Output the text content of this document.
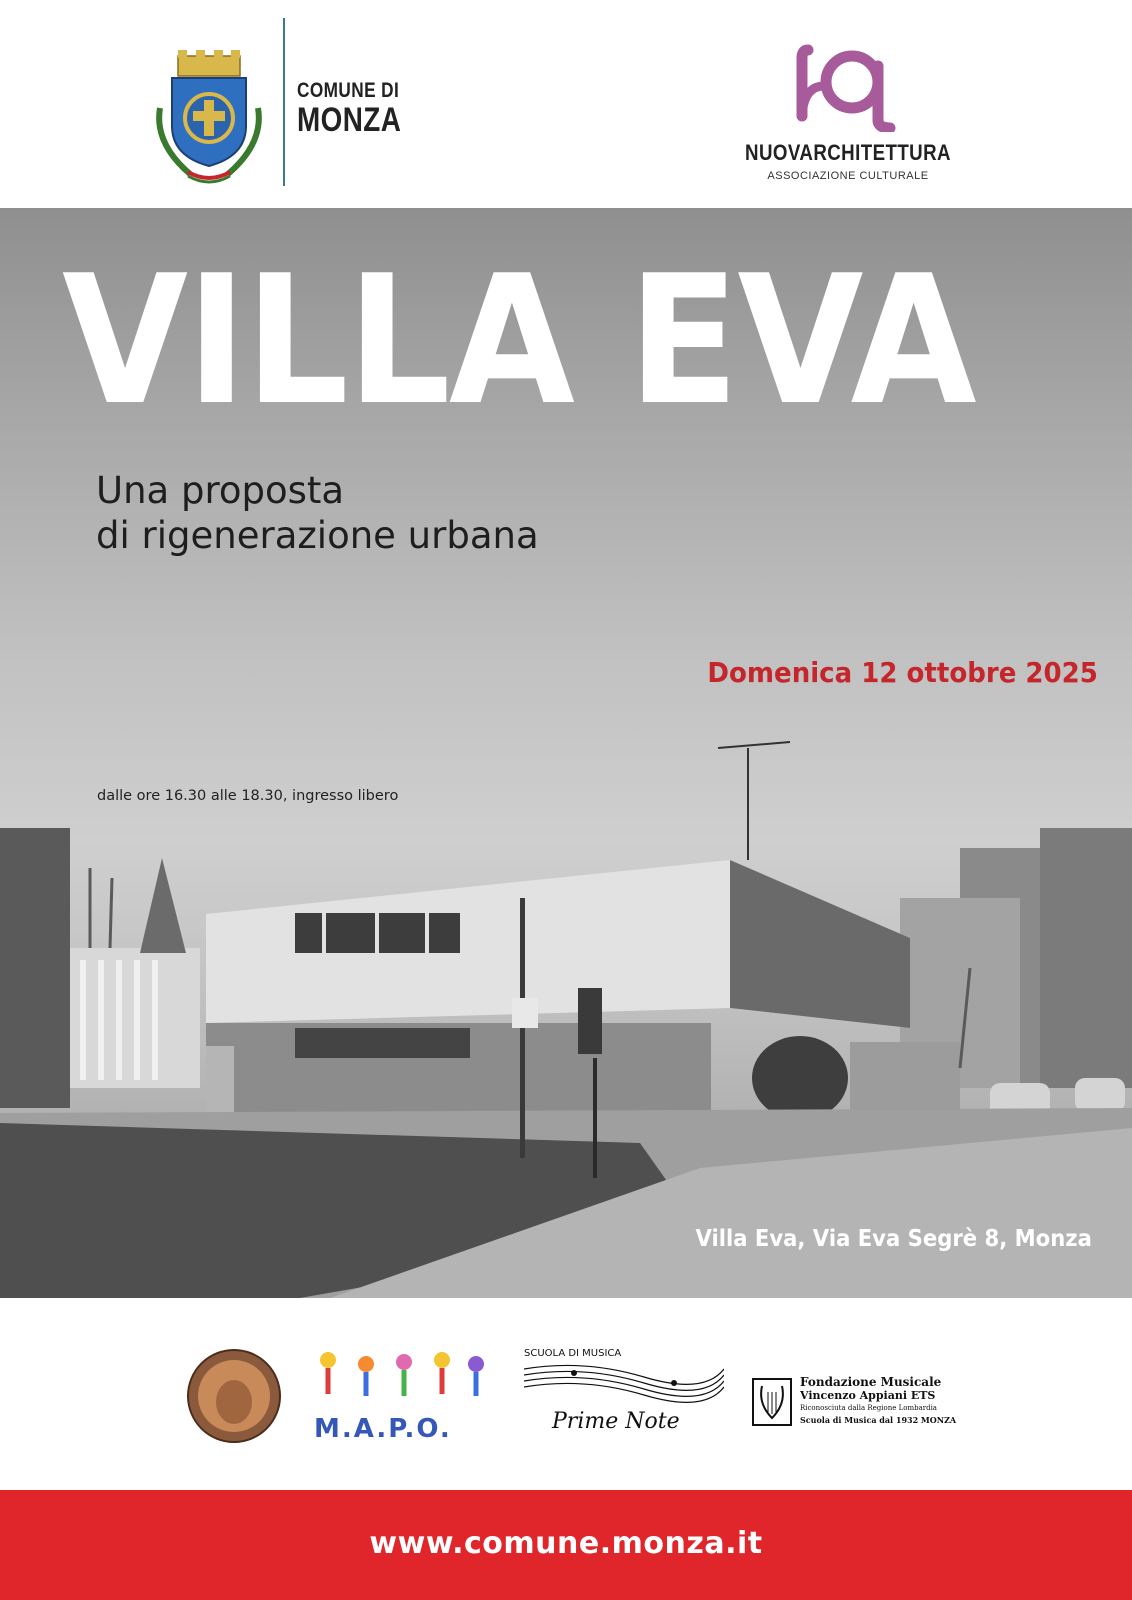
COMUNE DI
MONZA
NUOVARCHITETTURA
ASSOCIAZIONE CULTURALE
VILLA EVA
Una proposta
di rigenerazione urbana
Domenica 12 ottobre 2025
dalle ore 16.30 alle 18.30, ingresso libero
Villa Eva, Via Eva Segrè 8, Monza
M.A.P.O.
SCUOLA DI MUSICA
Prime Note
Fondazione Musicale
Vincenzo Appiani ETS
Riconosciuta dalla Regione Lombardia
Scuola di Musica dal 1932 MONZA
www.comune.monza.it
